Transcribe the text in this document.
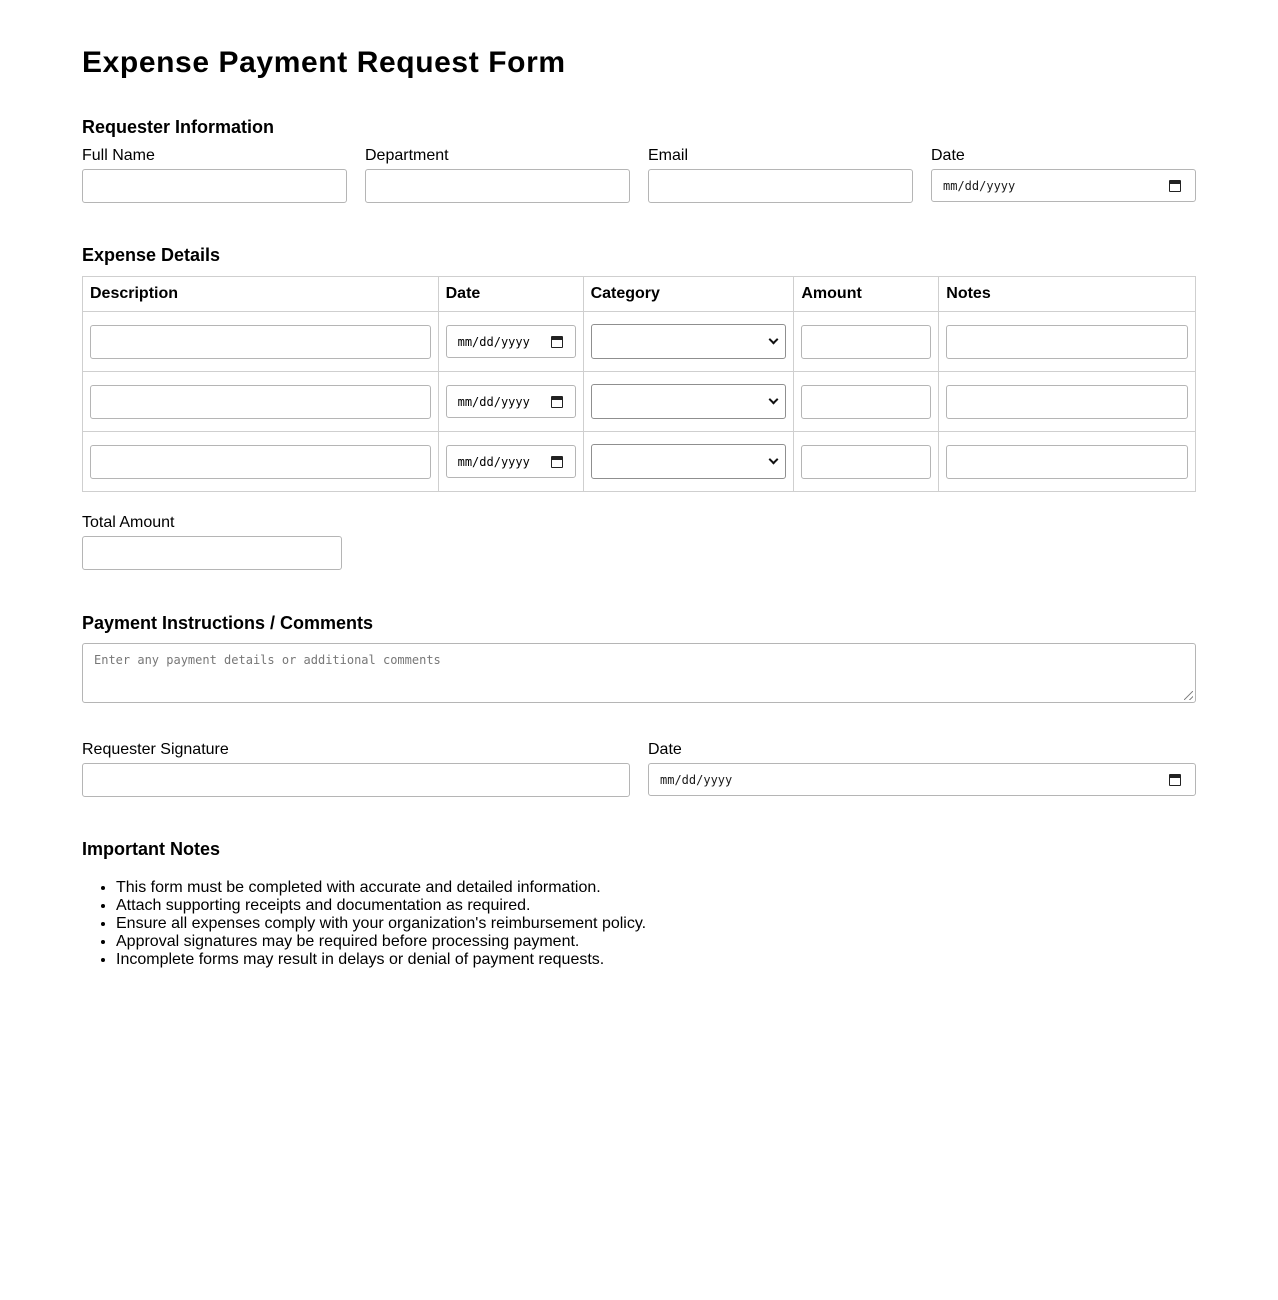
Expense Payment Request Form
Requester Information
Full Name	Department	Email	Date
mm/dd/yyyy
Expense Details
Description	Date	Category	Amount	Notes

	mm/dd/yyyy			

	mm/dd/yyyy			

	mm/dd/yyyy			

Total Amount
Payment Instructions / Comments
Enter any payment details or additional comments
Requester Signature	Date
mm/dd/yyyy
Important Notes
• This form must be completed with accurate and detailed information.
• Attach supporting receipts and documentation as required.
• Ensure all expenses comply with your organization's reimbursement policy.
• Approval signatures may be required before processing payment.
• Incomplete forms may result in delays or denial of payment requests.
